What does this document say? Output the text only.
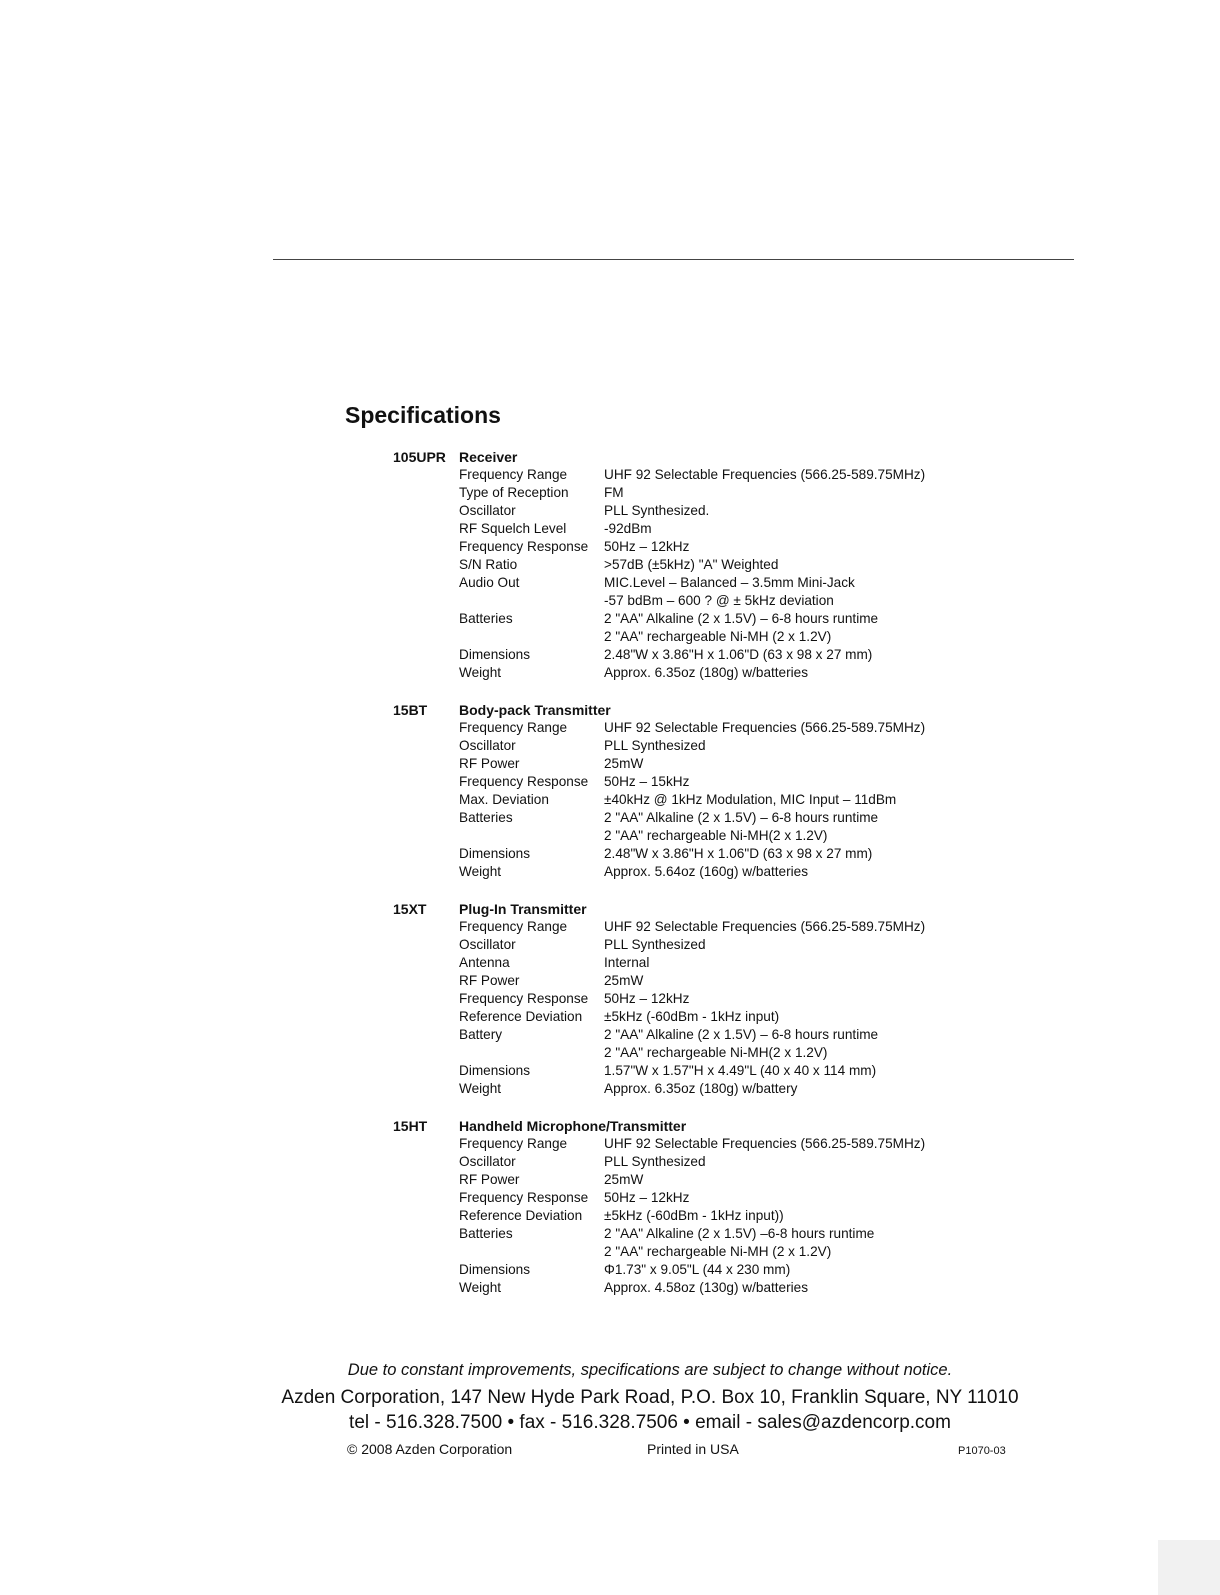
Specifications
105UPR Receiver
Frequency Range	UHF 92 Selectable Frequencies (566.25-589.75MHz)
Type of Reception	FM
Oscillator	PLL Synthesized.
RF Squelch Level	-92dBm
Frequency Response 50Hz – 12kHz
S/N Ratio	>57dB (±5kHz) "A" Weighted
Audio Out	MIC.Level – Balanced – 3.5mm Mini-Jack
-57 bdBm – 600 ? @ ± 5kHz deviation
Batteries	2 "AA" Alkaline (2 x 1.5V) – 6-8 hours runtime
2 "AA" rechargeable Ni-MH (2 x 1.2V)
Dimensions	2.48"W x 3.86"H x 1.06"D (63 x 98 x 27 mm)
Weight	Approx. 6.35oz (180g) w/batteries
15BT Body-pack Transmitter
Frequency Range	UHF 92 Selectable Frequencies (566.25-589.75MHz)
Oscillator	PLL Synthesized
RF Power	25mW
Frequency Response 50Hz – 15kHz
Max. Deviation	±40kHz @ 1kHz Modulation, MIC Input – 11dBm
Batteries	2 "AA" Alkaline (2 x 1.5V) – 6-8 hours runtime
2 "AA" rechargeable Ni-MH(2 x 1.2V)
Dimensions	2.48"W x 3.86"H x 1.06"D (63 x 98 x 27 mm)
Weight	Approx. 5.64oz (160g) w/batteries
15XT Plug-In Transmitter
Frequency Range	UHF 92 Selectable Frequencies (566.25-589.75MHz)
Oscillator	PLL Synthesized
Antenna	Internal
RF Power	25mW
Frequency Response 50Hz – 12kHz
Reference Deviation ±5kHz (-60dBm - 1kHz input)
Battery	2 "AA" Alkaline (2 x 1.5V) – 6-8 hours runtime
2 "AA" rechargeable Ni-MH(2 x 1.2V)
Dimensions	1.57"W x 1.57"H x 4.49"L (40 x 40 x 114 mm)
Weight	Approx. 6.35oz (180g) w/battery
15HT Handheld Microphone/Transmitter
Frequency Range	UHF 92 Selectable Frequencies (566.25-589.75MHz)
Oscillator	PLL Synthesized
RF Power	25mW
Frequency Response 50Hz – 12kHz
Reference Deviation ±5kHz (-60dBm - 1kHz input))
Batteries	2 "AA" Alkaline (2 x 1.5V) –6-8 hours runtime
2 "AA" rechargeable Ni-MH (2 x 1.2V)
Dimensions	Φ1.73" x 9.05"L (44 x 230 mm)
Weight	Approx. 4.58oz (130g) w/batteries
Due to constant improvements, specifications are subject to change without notice.
Azden Corporation, 147 New Hyde Park Road, P.O. Box 10, Franklin Square, NY 11010
tel - 516.328.7500 • fax - 516.328.7506 • email - sales@azdencorp.com
© 2008 Azden Corporation	Printed in USA	P1070-03
